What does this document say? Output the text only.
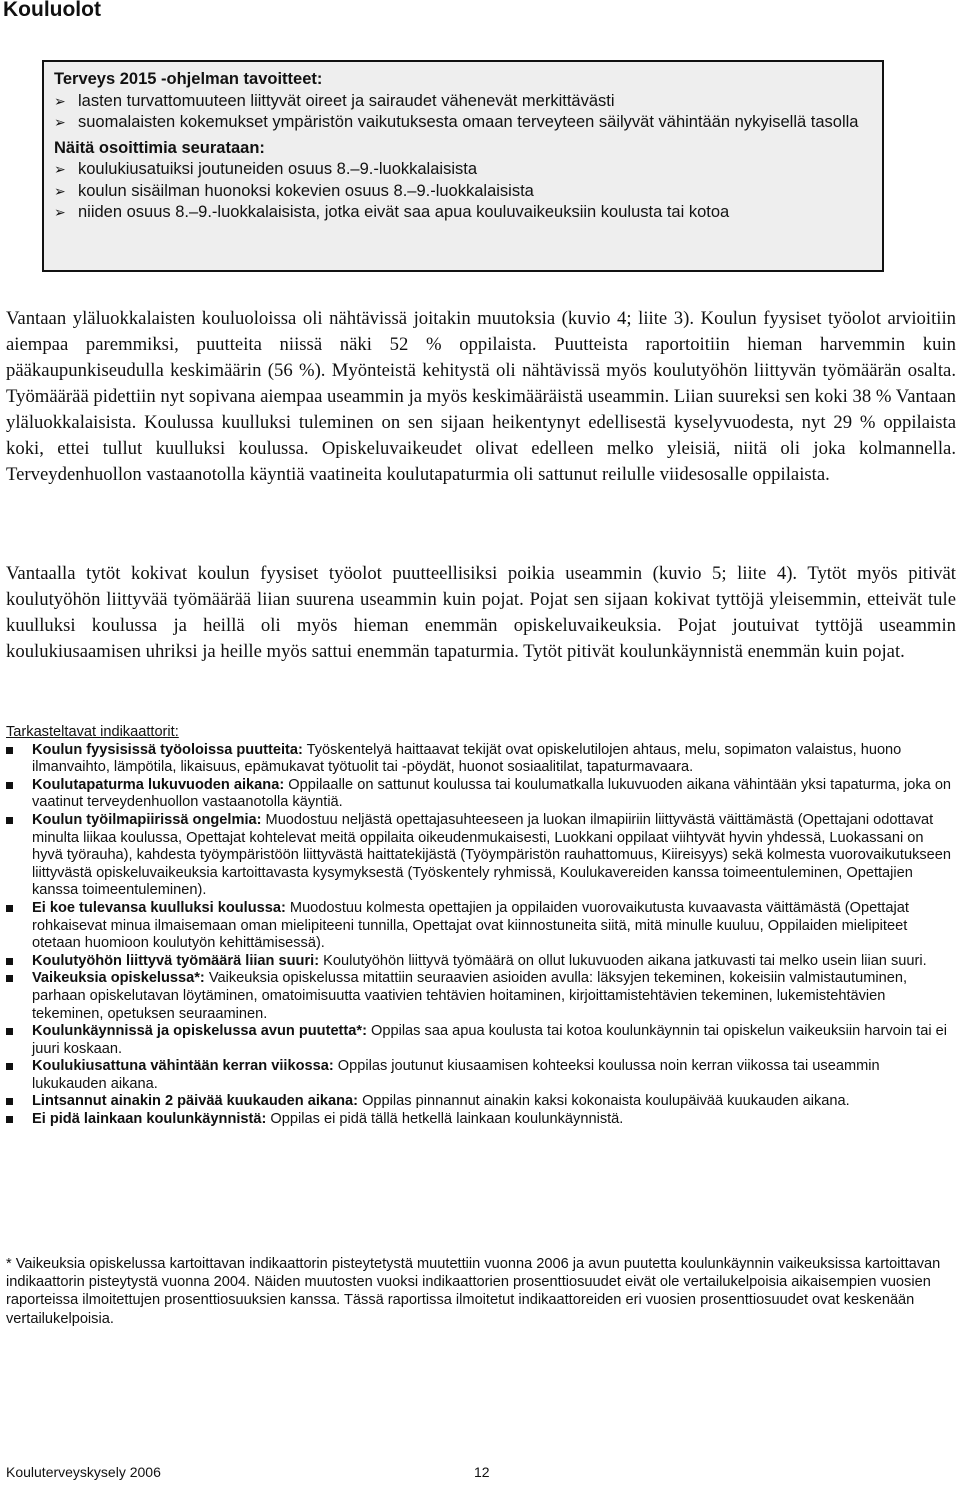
Kouluolot
Terveys 2015 -ohjelman tavoitteet:
➢ lasten turvattomuuteen liittyvät oireet ja sairaudet vähenevät merkittävästi
➢ suomalaisten kokemukset ympäristön vaikutuksesta omaan terveyteen säilyvät vähintään nykyisellä tasolla
Näitä osoittimia seurataan:
➢ koulukiusatuiksi joutuneiden osuus 8.–9.-luokkalaisista
➢ koulun sisäilman huonoksi kokevien osuus 8.–9.-luokkalaisista
➢ niiden osuus 8.–9.-luokkalaisista, jotka eivät saa apua kouluvaikeuksiin koulusta tai kotoa

Vantaan yläluokkalaisten kouluoloissa oli nähtävissä joitakin muutoksia (kuvio 4; liite 3). Koulun fyysiset työolot arvioitiin aiempaa paremmiksi, puutteita niissä näki 52 % oppilaista. Puutteista raportoitiin hieman harvemmin kuin pääkaupunkiseudulla keskimäärin (56 %). Myönteistä kehitystä oli nähtävissä myös koulutyöhön liittyvän työmäärän osalta. Työmäärää pidettiin nyt sopivana aiempaa useammin ja myös keskimääräistä useammin. Liian suureksi sen koki 38 % Vantaan yläluokkalaisista. Koulussa kuulluksi tuleminen on sen sijaan heikentynyt edellisestä kyselyvuodesta, nyt 29 % oppilaista koki, ettei tullut kuulluksi koulussa. Opiskeluvaikeudet olivat edelleen melko yleisiä, niitä oli joka kolmannella. Terveydenhuollon vastaanotolla käyntiä vaatineita koulutapaturmia oli sattunut reilulle viidesosalle oppilaista.

Vantaalla tytöt kokivat koulun fyysiset työolot puutteellisiksi poikia useammin (kuvio 5; liite 4). Tytöt myös pitivät koulutyöhön liittyvää työmäärää liian suurena useammin kuin pojat. Pojat sen sijaan kokivat tyttöjä yleisemmin, etteivät tule kuulluksi koulussa ja heillä oli myös hieman enemmän opiskeluvaikeuksia. Pojat joutuivat tyttöjä useammin koulukiusaamisen uhriksi ja heille myös sattui enemmän tapaturmia. Tytöt pitivät koulunkäynnistä enemmän kuin pojat.

Tarkasteltavat indikaattorit:
Koulun fyysisissä työoloissa puutteita: Työskentelyä haittaavat tekijät ovat opiskelutilojen ahtaus, melu, sopimaton valaistus, huono ilmanvaihto, lämpötila, likaisuus, epämukavat työtuolit tai -pöydät, huonot sosiaalitilat, tapaturmavaara.
Koulutapaturma lukuvuoden aikana: Oppilaalle on sattunut koulussa tai koulumatkalla lukuvuoden aikana vähintään yksi tapaturma, joka on vaatinut terveydenhuollon vastaanotolla käyntiä.
Koulun työilmapiirissä ongelmia: Muodostuu neljästä opettajasuhteeseen ja luokan ilmapiiriin liittyvästä väittämästä (Opettajani odottavat minulta liikaa koulussa, Opettajat kohtelevat meitä oppilaita oikeudenmukaisesti, Luokkani oppilaat viihtyvät hyvin yhdessä, Luokassani on hyvä työrauha), kahdesta työympäristöön liittyvästä haittatekijästä (Työympäristön rauhattomuus, Kiireisyys) sekä kolmesta vuorovaikutukseen liittyvästä opiskeluvaikeuksia kartoittavasta kysymyksestä (Työskentely ryhmissä, Koulukavereiden kanssa toimeentuleminen, Opettajien kanssa toimeentuleminen).
Ei koe tulevansa kuulluksi koulussa: Muodostuu kolmesta opettajien ja oppilaiden vuorovaikutusta kuvaavasta väittämästä (Opettajat rohkaisevat minua ilmaisemaan oman mielipiteeni tunnilla, Opettajat ovat kiinnostuneita siitä, mitä minulle kuuluu, Oppilaiden mielipiteet otetaan huomioon koulutyön kehittämisessä).
Koulutyöhön liittyvä työmäärä liian suuri: Koulutyöhön liittyvä työmäärä on ollut lukuvuoden aikana jatkuvasti tai melko usein liian suuri.
Vaikeuksia opiskelussa*: Vaikeuksia opiskelussa mitattiin seuraavien asioiden avulla: läksyjen tekeminen, kokeisiin valmistautuminen, parhaan opiskelutavan löytäminen, omatoimisuutta vaativien tehtävien hoitaminen, kirjoittamistehtävien tekeminen, lukemistehtävien tekeminen, opetuksen seuraaminen.
Koulunkäynnissä ja opiskelussa avun puutetta*: Oppilas saa apua koulusta tai kotoa koulunkäynnin tai opiskelun vaikeuksiin harvoin tai ei juuri koskaan.
Koulukiusattuna vähintään kerran viikossa: Oppilas joutunut kiusaamisen kohteeksi koulussa noin kerran viikossa tai useammin lukukauden aikana.
Lintsannut ainakin 2 päivää kuukauden aikana: Oppilas pinnannut ainakin kaksi kokonaista koulupäivää kuukauden aikana.
Ei pidä lainkaan koulunkäynnistä: Oppilas ei pidä tällä hetkellä lainkaan koulunkäynnistä.
* Vaikeuksia opiskelussa kartoittavan indikaattorin pisteytetystä muutettiin vuonna 2006 ja avun puutetta koulunkäynnin vaikeuksissa kartoittavan indikaattorin pisteytystä vuonna 2004. Näiden muutosten vuoksi indikaattorien prosenttiosuudet eivät ole vertailukelpoisia aikaisempien vuosien raporteissa ilmoitettujen prosenttiosuuksien kanssa. Tässä raportissa ilmoitetut indikaattoreiden eri vuosien prosenttiosuudet ovat keskenään vertailukelpoisia.
Kouluterveyskysely 2006	12
